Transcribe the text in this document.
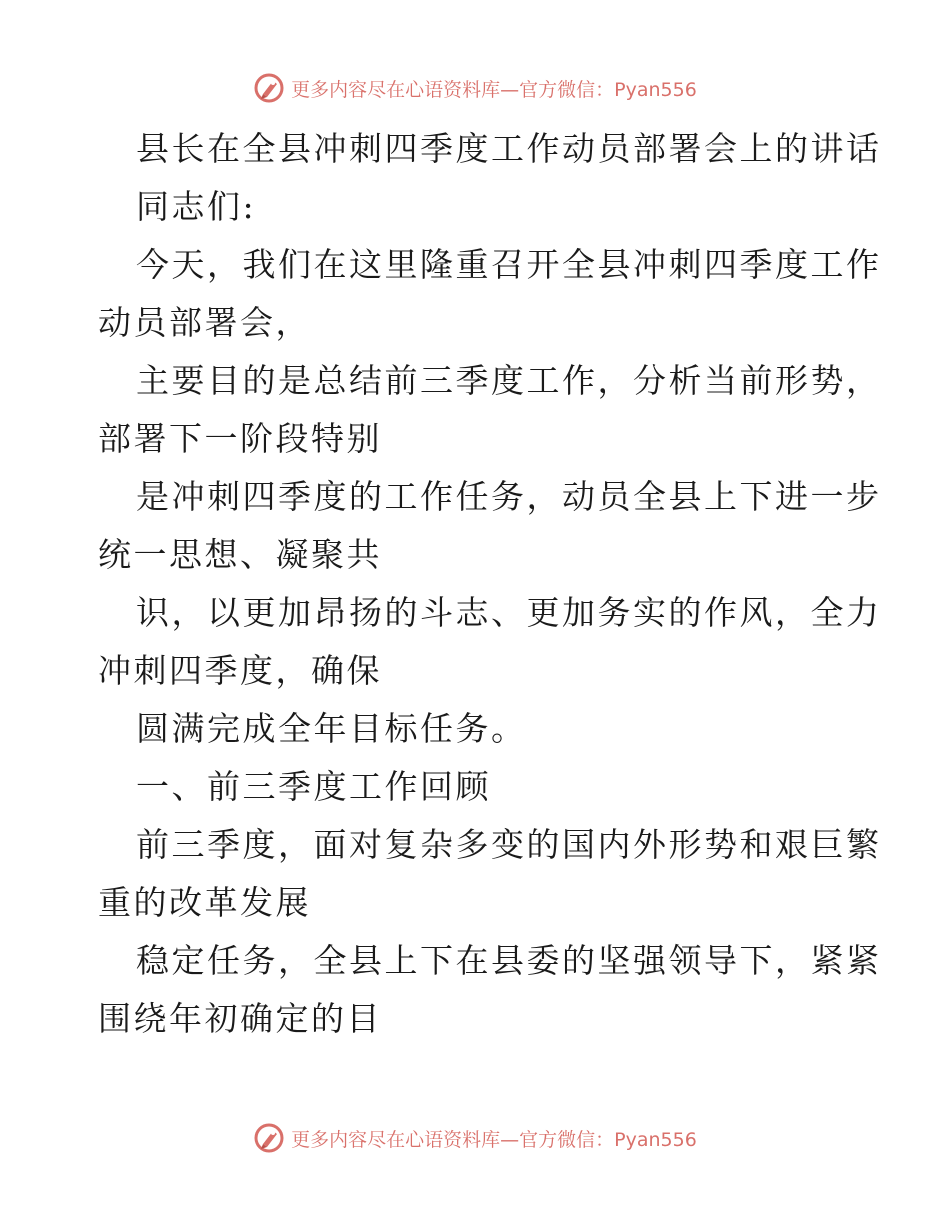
更多内容尽在心语资料库—官方微信：Pyan556

县长在全县冲刺四季度工作动员部署会上的讲话

同志们:

今天，我们在这里隆重召开全县冲刺四季度工作

动员部署会，

主要目的是总结前三季度工作，分析当前形势，

部署下一阶段特别

是冲刺四季度的工作任务，动员全县上下进一步

统一思想、凝聚共

识，以更加昂扬的斗志、更加务实的作风，全力

冲刺四季度，确保

圆满完成全年目标任务。

一、前三季度工作回顾

前三季度，面对复杂多变的国内外形势和艰巨繁

重的改革发展

稳定任务，全县上下在县委的坚强领导下，紧紧

围绕年初确定的目

更多内容尽在心语资料库—官方微信：Pyan556
